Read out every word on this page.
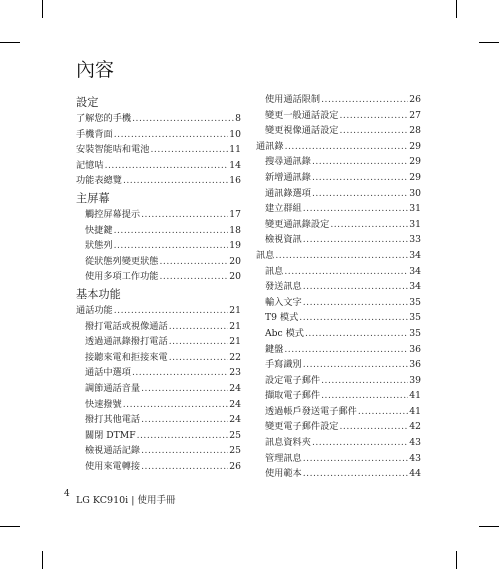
內容
設定
了解您的手機 .....	8
手機背面 .....	10
安裝智能咭和電池 .....	11
記憶咭 .....	14
功能表總覽 .....	16
主屏幕
觸控屏幕提示 .....	17
快捷鍵 .....	18
狀態列 .....	19
從狀態列變更狀態 .....	20
使用多項工作功能 .....	20
基本功能
通話功能 .....	21
撥打電話或視像通話 .....	21
透過通訊錄撥打電話 .....	21
接聽來電和拒接來電 .....	22
通話中選項 .....	23
調節通話音量 .....	24
快速撥號 .....	24
撥打其他電話 .....	24
關閉 DTMF .....	25
檢視通話記錄 .....	25
使用來電轉接 .....	26
使用通話限制 .....	26
變更一般通話設定 .....	27
變更視像通話設定 .....	28
通訊錄 .....	29
搜尋通訊錄 .....	29
新增通訊錄 .....	29
通訊錄選項 .....	30
建立群組 .....	31
變更通訊錄設定 .....	31
檢視資訊 .....	33
訊息 .....	34
訊息 .....	34
發送訊息 .....	34
輸入文字 .....	35
T9 模式 .....	35
Abc 模式 .....	35
鍵盤 .....	36
手寫識別 .....	36
設定電子郵件 .....	39
擷取電子郵件 .....	41
透過帳戶發送電子郵件 .....	41
變更電子郵件設定 .....	42
訊息資料夾 .....	43
管理訊息 .....	43
使用範本 .....	44
4
LG KC910i | 使用手冊
